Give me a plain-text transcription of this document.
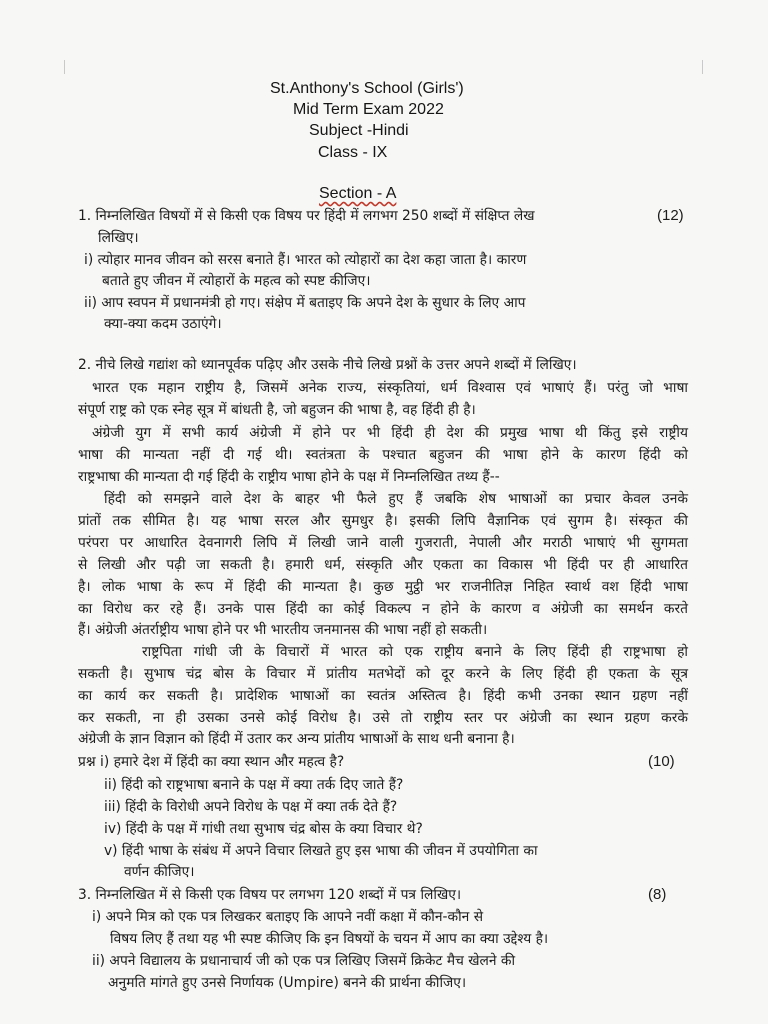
St.Anthony's School (Girls')
Mid Term Exam 2022
Subject -Hindi
Class - IX
Section - A
1. निम्नलिखित विषयों में से किसी एक विषय पर हिंदी में लगभग 250 शब्दों में संक्षिप्त लेख	(12)
लिखिए।
i) त्योहार मानव जीवन को सरस बनाते हैं। भारत को त्योहारों का देश कहा जाता है। कारण
बताते हुए जीवन में त्योहारों के महत्व को स्पष्ट कीजिए।
ii) आप स्वपन में प्रधानमंत्री हो गए। संक्षेप में बताइए कि अपने देश के सुधार के लिए आप
क्या-क्या कदम उठाएंगे।
2. नीचे लिखे गद्यांश को ध्यानपूर्वक पढ़िए और उसके नीचे लिखे प्रश्नों के उत्तर अपने शब्दों में लिखिए।
भारत एक महान राष्ट्रीय है, जिसमें अनेक राज्य, संस्कृतियां, धर्म विश्वास एवं भाषाएं हैं। परंतु जो भाषा
संपूर्ण राष्ट्र को एक स्नेह सूत्र में बांधती है, जो बहुजन की भाषा है, वह हिंदी ही है।
अंग्रेजी युग में सभी कार्य अंग्रेजी में होने पर भी हिंदी ही देश की प्रमुख भाषा थी किंतु इसे राष्ट्रीय
भाषा की मान्यता नहीं दी गई थी। स्वतंत्रता के पश्चात बहुजन की भाषा होने के कारण हिंदी को
राष्ट्रभाषा की मान्यता दी गई हिंदी के राष्ट्रीय भाषा होने के पक्ष में निम्नलिखित तथ्य हैं--
हिंदी को समझने वाले देश के बाहर भी फैले हुए हैं जबकि शेष भाषाओं का प्रचार केवल उनके
प्रांतों तक सीमित है। यह भाषा सरल और सुमधुर है। इसकी लिपि वैज्ञानिक एवं सुगम है। संस्कृत की
परंपरा पर आधारित देवनागरी लिपि में लिखी जाने वाली गुजराती, नेपाली और मराठी भाषाएं भी सुगमता
से लिखी और पढ़ी जा सकती है। हमारी धर्म, संस्कृति और एकता का विकास भी हिंदी पर ही आधारित
है। लोक भाषा के रूप में हिंदी की मान्यता है। कुछ मुट्ठी भर राजनीतिज्ञ निहित स्वार्थ वश हिंदी भाषा
का विरोध कर रहे हैं। उनके पास हिंदी का कोई विकल्प न होने के कारण व अंग्रेजी का समर्थन करते
हैं। अंग्रेजी अंतर्राष्ट्रीय भाषा होने पर भी भारतीय जनमानस की भाषा नहीं हो सकती।
राष्ट्रपिता गांधी जी के विचारों में भारत को एक राष्ट्रीय बनाने के लिए हिंदी ही राष्ट्रभाषा हो
सकती है। सुभाष चंद्र बोस के विचार में प्रांतीय मतभेदों को दूर करने के लिए हिंदी ही एकता के सूत्र
का कार्य कर सकती है। प्रादेशिक भाषाओं का स्वतंत्र अस्तित्व है। हिंदी कभी उनका स्थान ग्रहण नहीं
कर सकती, ना ही उसका उनसे कोई विरोध है। उसे तो राष्ट्रीय स्तर पर अंग्रेजी का स्थान ग्रहण करके
अंग्रेजी के ज्ञान विज्ञान को हिंदी में उतार कर अन्य प्रांतीय भाषाओं के साथ धनी बनाना है।
प्रश्न i) हमारे देश में हिंदी का क्या स्थान और महत्व है?	(10)
ii) हिंदी को राष्ट्रभाषा बनाने के पक्ष में क्या तर्क दिए जाते हैं?
iii) हिंदी के विरोधी अपने विरोध के पक्ष में क्या तर्क देते हैं?
iv) हिंदी के पक्ष में गांधी तथा सुभाष चंद्र बोस के क्या विचार थे?
v) हिंदी भाषा के संबंध में अपने विचार लिखते हुए इस भाषा की जीवन में उपयोगिता का
वर्णन कीजिए।
3. निम्नलिखित में से किसी एक विषय पर लगभग 120 शब्दों में पत्र लिखिए।	(8)
i) अपने मित्र को एक पत्र लिखकर बताइए कि आपने नवीं कक्षा में कौन-कौन से
विषय लिए हैं तथा यह भी स्पष्ट कीजिए कि इन विषयों के चयन में आप का क्या उद्देश्य है।
ii) अपने विद्यालय के प्रधानाचार्य जी को एक पत्र लिखिए जिसमें क्रिकेट मैच खेलने की
अनुमति मांगते हुए उनसे निर्णायक (Umpire) बनने की प्रार्थना कीजिए।
